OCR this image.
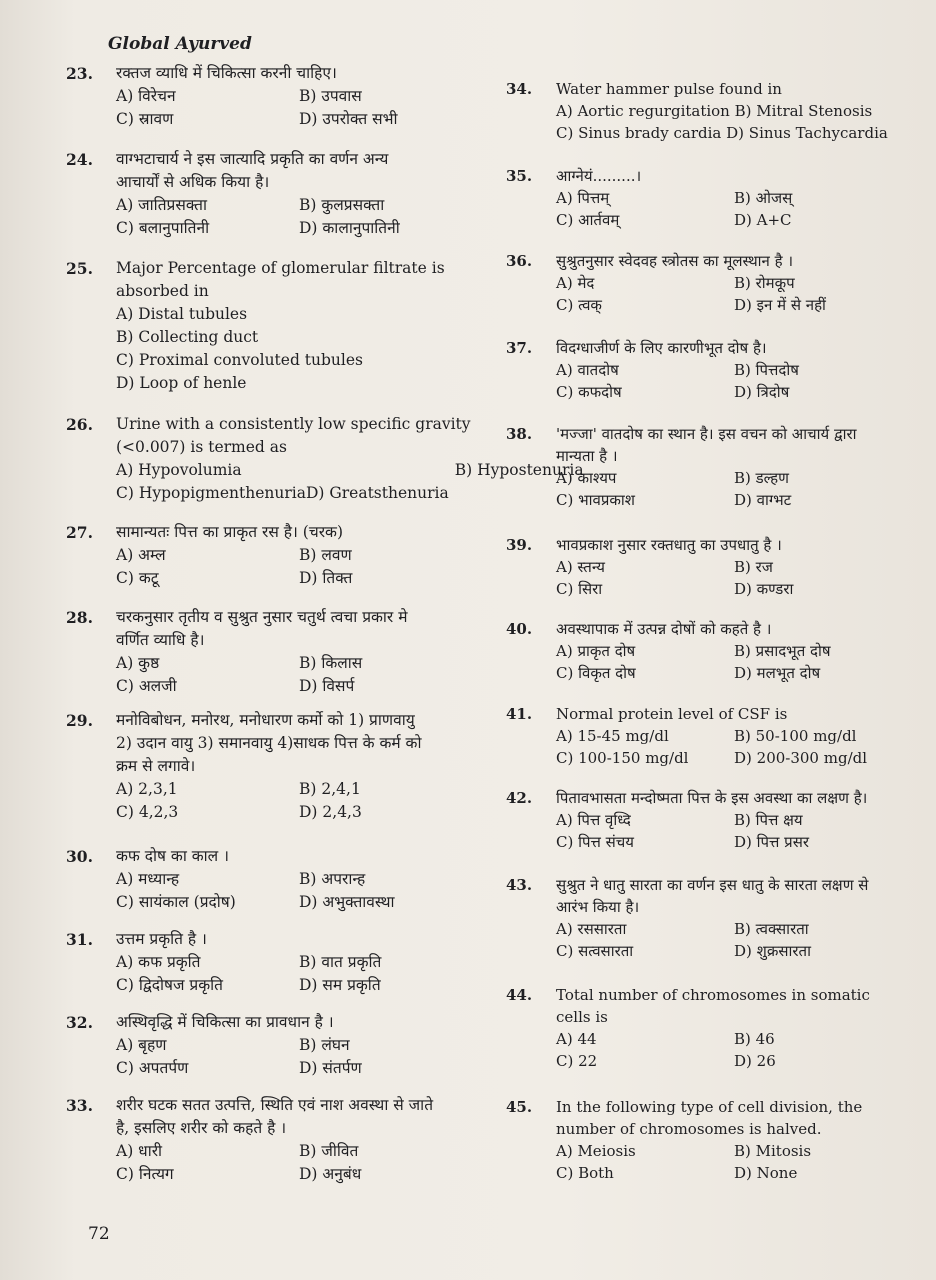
Global Ayurved
23. रक्तज व्याधि में चिकित्सा करनी चाहिए।
A) विरेचन	B) उपवास
C) स्रावण	D) उपरोक्त सभी
24. वाग्भटाचार्य ने इस जात्यादि प्रकृति का वर्णन अन्य
आचार्यों से अधिक किया है।
A) जातिप्रसक्ता	B) कुलप्रसक्ता
C) बलानुपातिनी	D) कालानुपातिनी
25. Major Percentage of glomerular filtrate is
absorbed in
A) Distal tubules
B) Collecting duct
C) Proximal convoluted tubules
D) Loop of henle
26. Urine with a consistently low specific gravity
(<0.007) is termed as
A) Hypovolumia	B) Hypostenuria
C) HypopigmenthenuriaD) Greatsthenuria
27. सामान्यतः पित्त का प्राकृत रस है। (चरक)
A) अम्ल	B) लवण
C) कटू	D) तिक्त
28. चरकनुसार तृतीय व सुश्रुत नुसार चतुर्थ त्वचा प्रकार मे
वर्णित व्याधि है।
A) कुष्ठ	B) किलास
C) अलजी	D) विसर्प
29. मनोविबोधन, मनोरथ, मनोधारण कर्मो को 1) प्राणवायु
2) उदान वायु 3) समानवायु 4)साधक पित्त के कर्म को
क्रम से लगावे।
A) 2,3,1	B) 2,4,1
C) 4,2,3	D) 2,4,3
30. कफ दोष का काल ।
A) मध्यान्ह	B) अपरान्ह
C) सायंकाल (प्रदोष)	D) अभुक्तावस्था
31. उत्तम प्रकृति है ।
A) कफ प्रकृति	B) वात प्रकृति
C) द्विदोषज प्रकृति	D) सम प्रकृति
32. अस्थिवृद्धि में चिकित्सा का प्रावधान है ।
A) बृहण	B) लंघन
C) अपतर्पण	D) संतर्पण
33. शरीर घटक सतत उत्पत्ति, स्थिति एवं नाश अवस्था से जाते
है, इसलिए शरीर को कहते है ।
A) धारी	B) जीवित
C) नित्यग	D) अनुबंध
34. Water hammer pulse found in
A) Aortic regurgitation B) Mitral Stenosis
C) Sinus brady cardia D) Sinus Tachycardia
35. आग्नेयं.........।
A) पित्तम्	B) ओजस्
C) आर्तवम्	D) A+C
36. सुश्रुतनुसार स्वेदवह स्त्रोतस का मूलस्थान है ।
A) मेद	B) रोमकूप
C) त्वक्	D) इन में से नहीं
37. विदग्धाजीर्ण के लिए कारणीभूत दोष है।
A) वातदोष	B) पित्तदोष
C) कफदोष	D) त्रिदोष
38. 'मज्जा' वातदोष का स्थान है। इस वचन को आचार्य द्वारा
मान्यता है ।
A) काश्यप	B) डल्हण
C) भावप्रकाश	D) वाग्भट
39. भावप्रकाश नुसार रक्तधातु का उपधातु है ।
A) स्तन्य	B) रज
C) सिरा	D) कण्डरा
40. अवस्थापाक में उत्पन्न दोषों को कहते है ।
A) प्राकृत दोष	B) प्रसादभूत दोष
C) विकृत दोष	D) मलभूत दोष
41. Normal protein level of CSF is
A) 15-45 mg/dl	B) 50-100 mg/dl
C) 100-150 mg/dl	D) 200-300 mg/dl
42. पितावभासता मन्दोष्मता पित्त के इस अवस्था का लक्षण है।
A) पित्त वृध्दि	B) पित्त क्षय
C) पित्त संचय	D) पित्त प्रसर
43. सुश्रुत ने धातु सारता का वर्णन इस धातु के सारता लक्षण से
आरंभ किया है।
A) रससारता	B) त्वक्सारता
C) सत्वसारता	D) शुक्रसारता
44. Total number of chromosomes in somatic
cells is
A) 44	B) 46
C) 22	D) 26
45. In the following type of cell division, the
number of chromosomes is halved.
A) Meiosis	B) Mitosis
C) Both	D) None
72
